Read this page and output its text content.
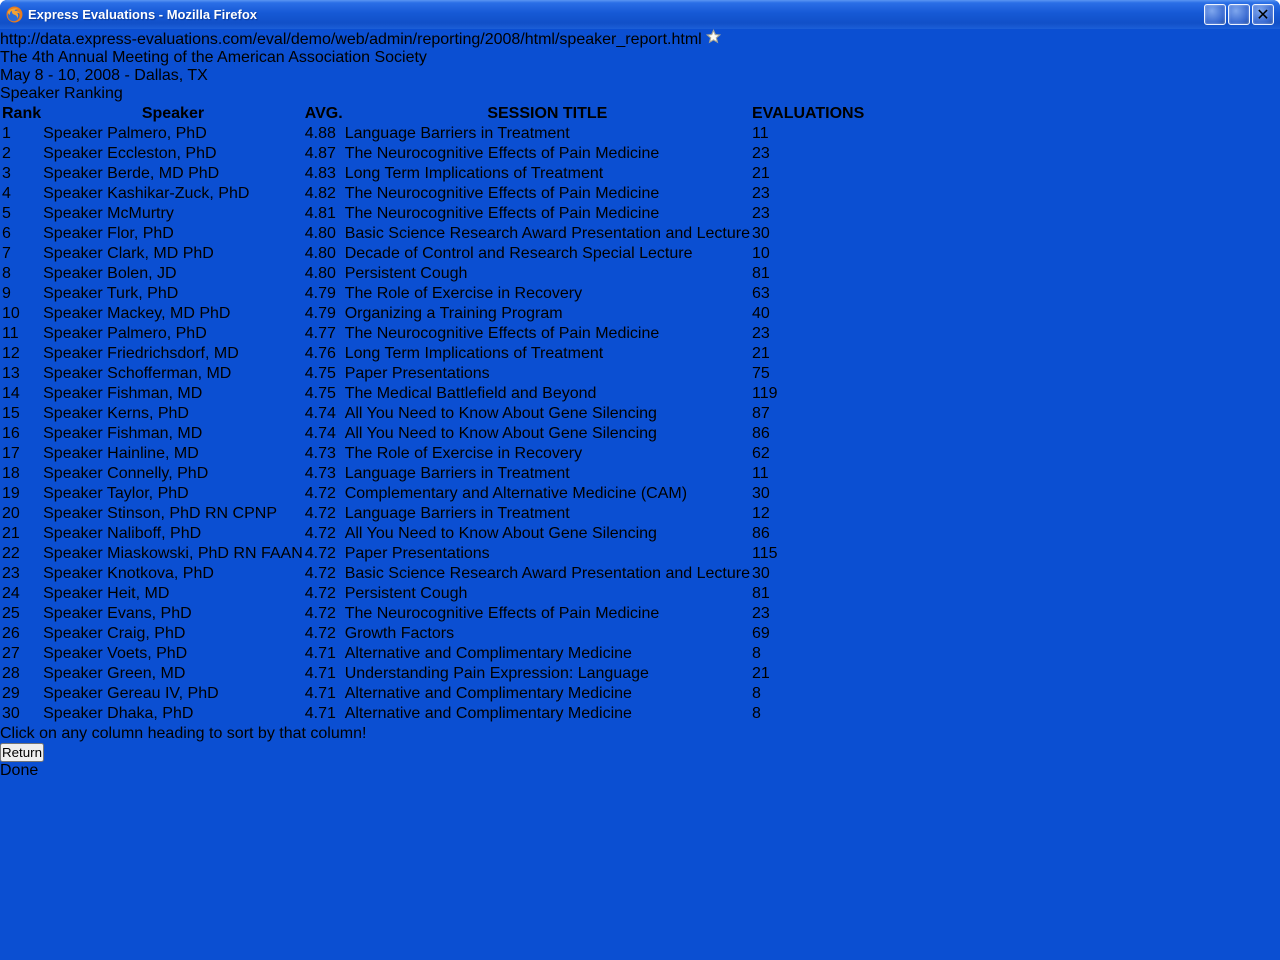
Express Evaluations - Mozilla Firefox	✕
http://data.express-evaluations.com/eval/demo/web/admin/reporting/2008/html/speaker_report.html
The 4th Annual Meeting of the American Association Society
May 8 - 10, 2008 - Dallas, TX
Speaker Ranking
Rank	Speaker	AVG.	SESSION TITLE	EVALUATIONS
1	Speaker Palmero, PhD	4.88	Language Barriers in Treatment	11
2	Speaker Eccleston, PhD	4.87	The Neurocognitive Effects of Pain Medicine	23
3	Speaker Berde, MD PhD	4.83	Long Term Implications of Treatment	21
4	Speaker Kashikar-Zuck, PhD	4.82	The Neurocognitive Effects of Pain Medicine	23
5	Speaker McMurtry	4.81	The Neurocognitive Effects of Pain Medicine	23
6	Speaker Flor, PhD	4.80	Basic Science Research Award Presentation and Lecture	30
7	Speaker Clark, MD PhD	4.80	Decade of Control and Research Special Lecture	10
8	Speaker Bolen, JD	4.80	Persistent Cough	81
9	Speaker Turk, PhD	4.79	The Role of Exercise in Recovery	63
10	Speaker Mackey, MD PhD	4.79	Organizing a Training Program	40
11	Speaker Palmero, PhD	4.77	The Neurocognitive Effects of Pain Medicine	23
12	Speaker Friedrichsdorf, MD	4.76	Long Term Implications of Treatment	21
13	Speaker Schofferman, MD	4.75	Paper Presentations	75
14	Speaker Fishman, MD	4.75	The Medical Battlefield and Beyond	119
15	Speaker Kerns, PhD	4.74	All You Need to Know About Gene Silencing	87
16	Speaker Fishman, MD	4.74	All You Need to Know About Gene Silencing	86
17	Speaker Hainline, MD	4.73	The Role of Exercise in Recovery	62
18	Speaker Connelly, PhD	4.73	Language Barriers in Treatment	11
19	Speaker Taylor, PhD	4.72	Complementary and Alternative Medicine (CAM)	30
20	Speaker Stinson, PhD RN CPNP	4.72	Language Barriers in Treatment	12
21	Speaker Naliboff, PhD	4.72	All You Need to Know About Gene Silencing	86
22	Speaker Miaskowski, PhD RN FAAN	4.72	Paper Presentations	115
23	Speaker Knotkova, PhD	4.72	Basic Science Research Award Presentation and Lecture	30
24	Speaker Heit, MD	4.72	Persistent Cough	81
25	Speaker Evans, PhD	4.72	The Neurocognitive Effects of Pain Medicine	23
26	Speaker Craig, PhD	4.72	Growth Factors	69
27	Speaker Voets, PhD	4.71	Alternative and Complimentary Medicine	8
28	Speaker Green, MD	4.71	Understanding Pain Expression: Language	21
29	Speaker Gereau IV, PhD	4.71	Alternative and Complimentary Medicine	8
30	Speaker Dhaka, PhD	4.71	Alternative and Complimentary Medicine	8
Click on any column heading to sort by that column!
Return
Done
